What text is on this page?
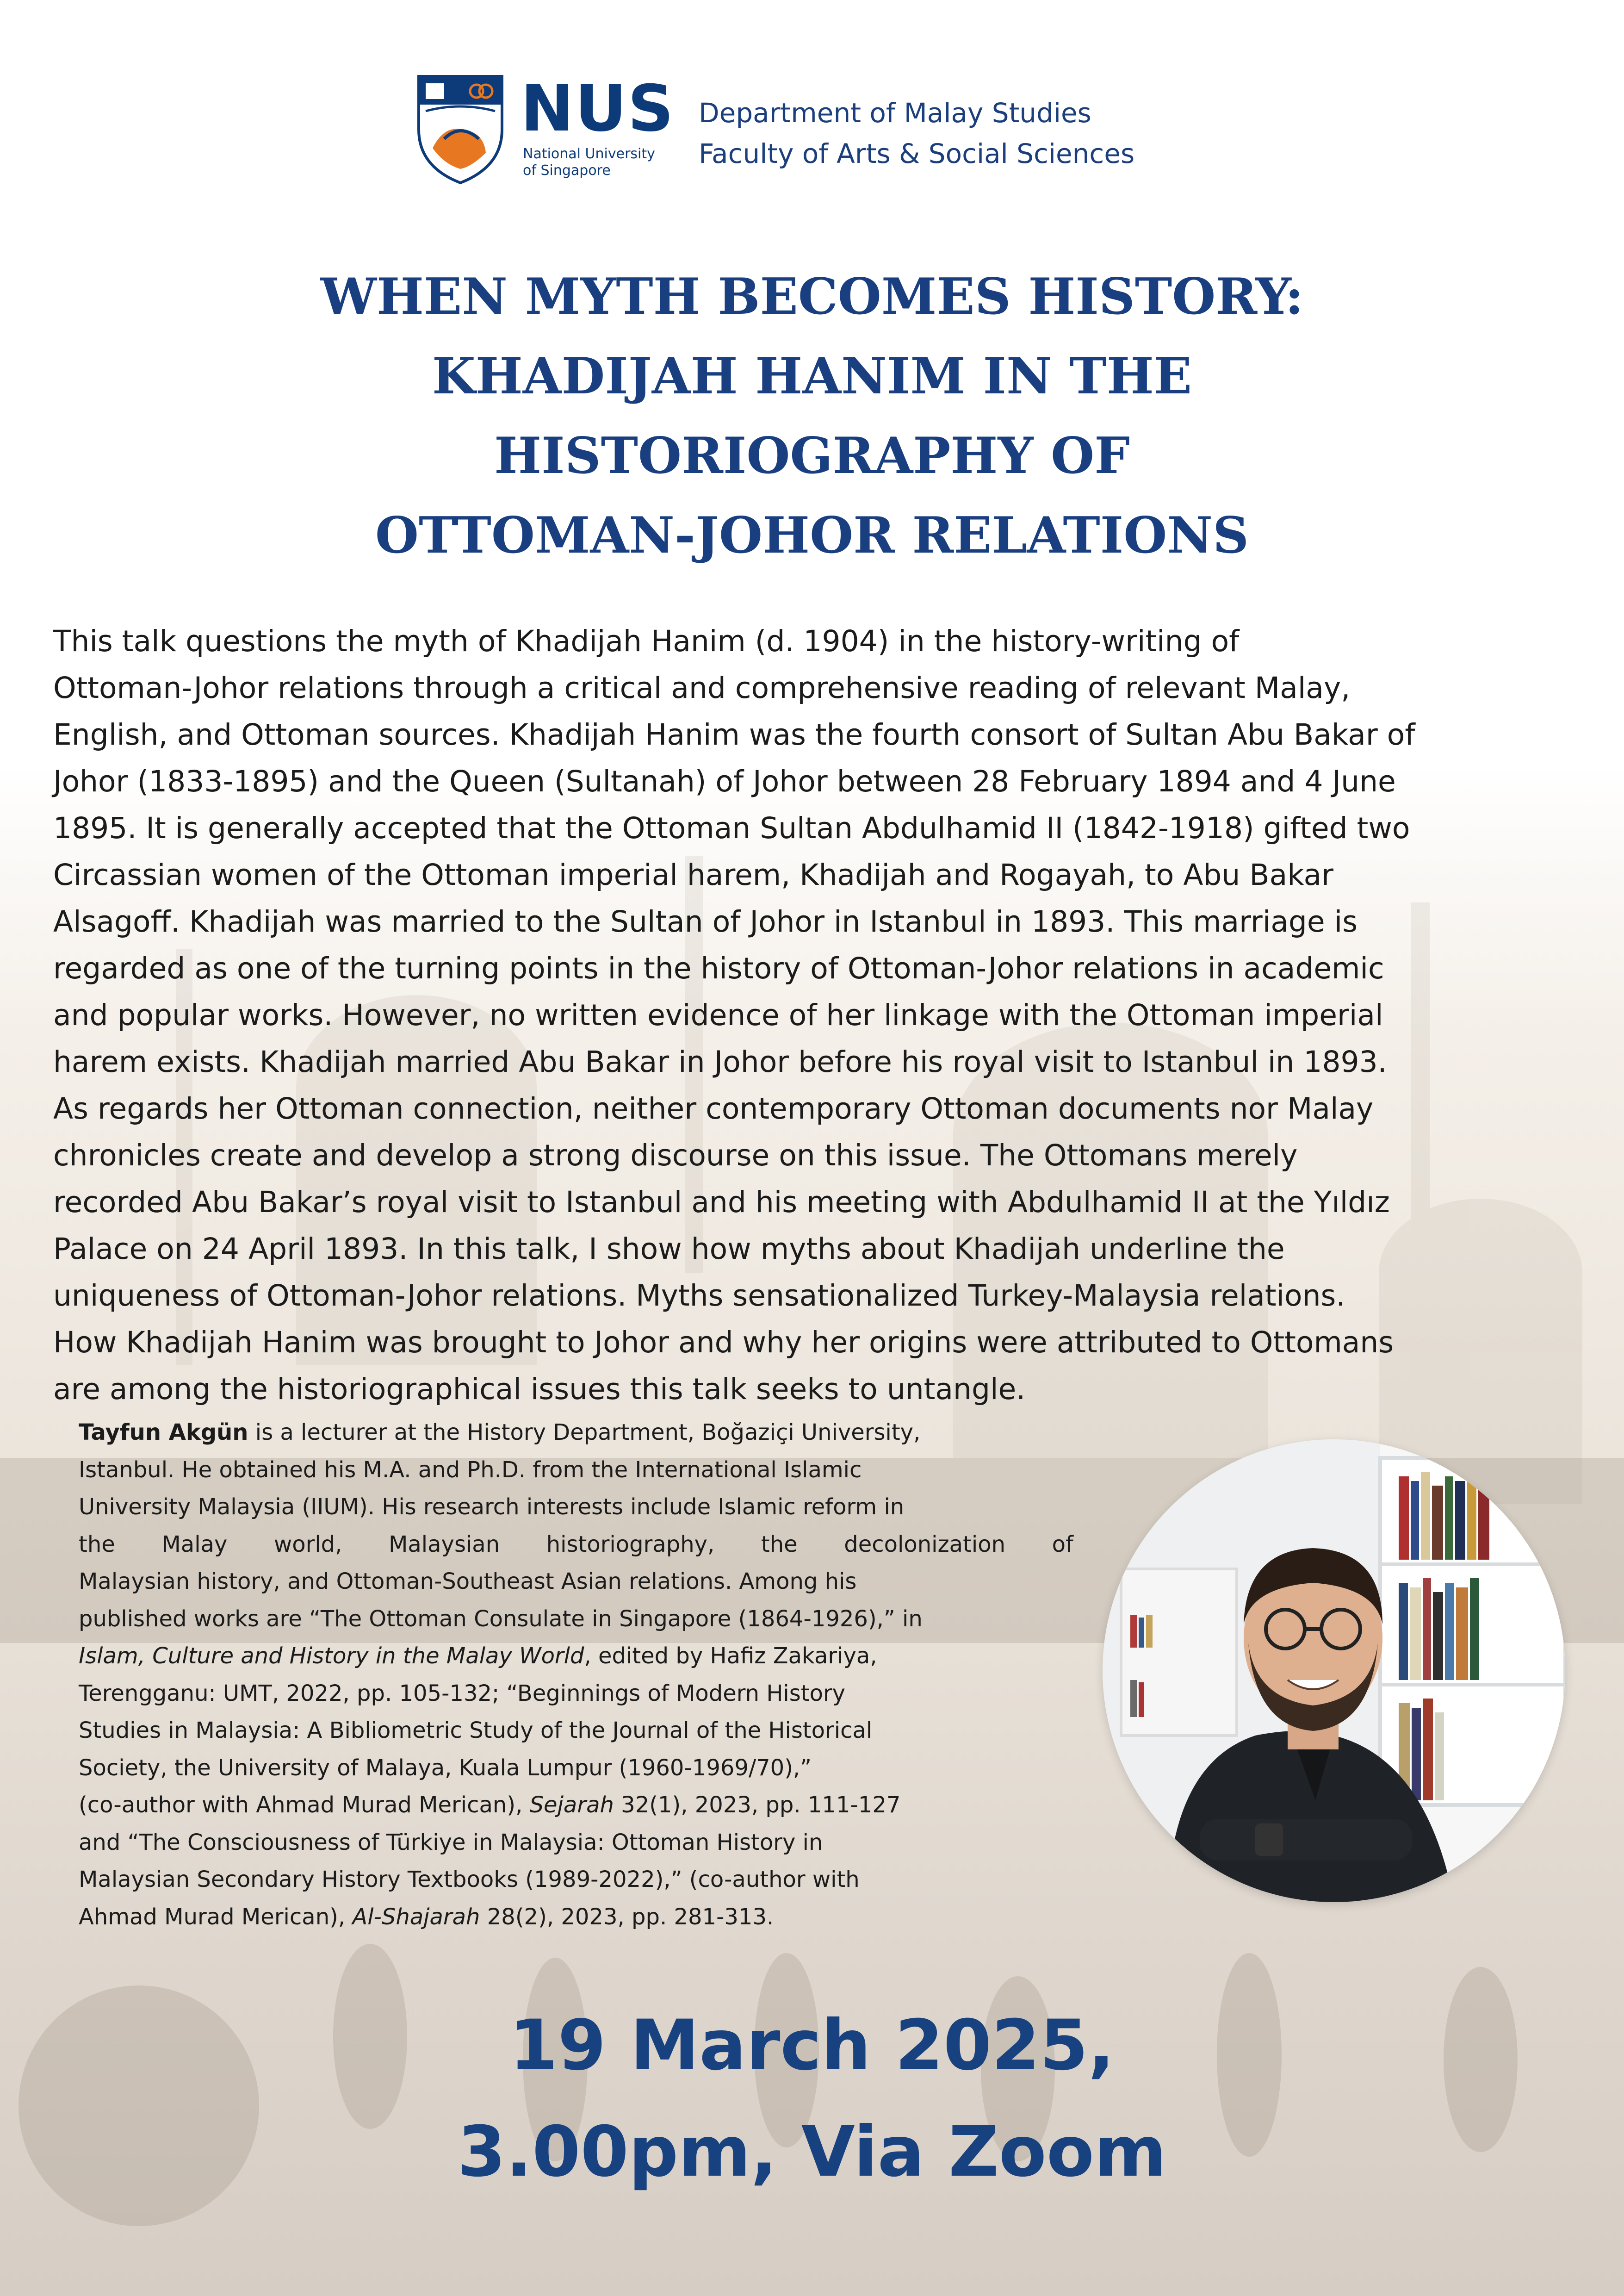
NUS
National University
of Singapore
Department of Malay Studies
Faculty of Arts & Social Sciences
WHEN MYTH BECOMES HISTORY:
KHADIJAH HANIM IN THE
HISTORIOGRAPHY OF
OTTOMAN-JOHOR RELATIONS
This talk questions the myth of Khadijah Hanim (d. 1904) in the history-writing of
Ottoman-Johor relations through a critical and comprehensive reading of relevant Malay,
English, and Ottoman sources. Khadijah Hanim was the fourth consort of Sultan Abu Bakar of
Johor (1833-1895) and the Queen (Sultanah) of Johor between 28 February 1894 and 4 June
1895. It is generally accepted that the Ottoman Sultan Abdulhamid II (1842-1918) gifted two
Circassian women of the Ottoman imperial harem, Khadijah and Rogayah, to Abu Bakar
Alsagoff. Khadijah was married to the Sultan of Johor in Istanbul in 1893. This marriage is
regarded as one of the turning points in the history of Ottoman-Johor relations in academic
and popular works. However, no written evidence of her linkage with the Ottoman imperial
harem exists. Khadijah married Abu Bakar in Johor before his royal visit to Istanbul in 1893.
As regards her Ottoman connection, neither contemporary Ottoman documents nor Malay
chronicles create and develop a strong discourse on this issue. The Ottomans merely
recorded Abu Bakar’s royal visit to Istanbul and his meeting with Abdulhamid II at the Yıldız
Palace on 24 April 1893. In this talk, I show how myths about Khadijah underline the
uniqueness of Ottoman-Johor relations. Myths sensationalized Turkey-Malaysia relations.
How Khadijah Hanim was brought to Johor and why her origins were attributed to Ottomans
are among the historiographical issues this talk seeks to untangle.
Tayfun Akgün is a lecturer at the History Department, Boğaziçi University,
Istanbul. He obtained his M.A. and Ph.D. from the International Islamic
University Malaysia (IIUM). His research interests include Islamic reform in
the Malay world, Malaysian historiography, the decolonization of
Malaysian history, and Ottoman-Southeast Asian relations. Among his
published works are “The Ottoman Consulate in Singapore (1864-1926),” in
Islam, Culture and History in the Malay World, edited by Hafiz Zakariya,
Terengganu: UMT, 2022, pp. 105-132; “Beginnings of Modern History
Studies in Malaysia: A Bibliometric Study of the Journal of the Historical
Society, the University of Malaya, Kuala Lumpur (1960-1969/70),”
(co-author with Ahmad Murad Merican), Sejarah 32(1), 2023, pp. 111-127
and “The Consciousness of Türkiye in Malaysia: Ottoman History in
Malaysian Secondary History Textbooks (1989-2022),” (co-author with
Ahmad Murad Merican), Al-Shajarah 28(2), 2023, pp. 281-313.
19 March 2025,
3.00pm, Via Zoom
